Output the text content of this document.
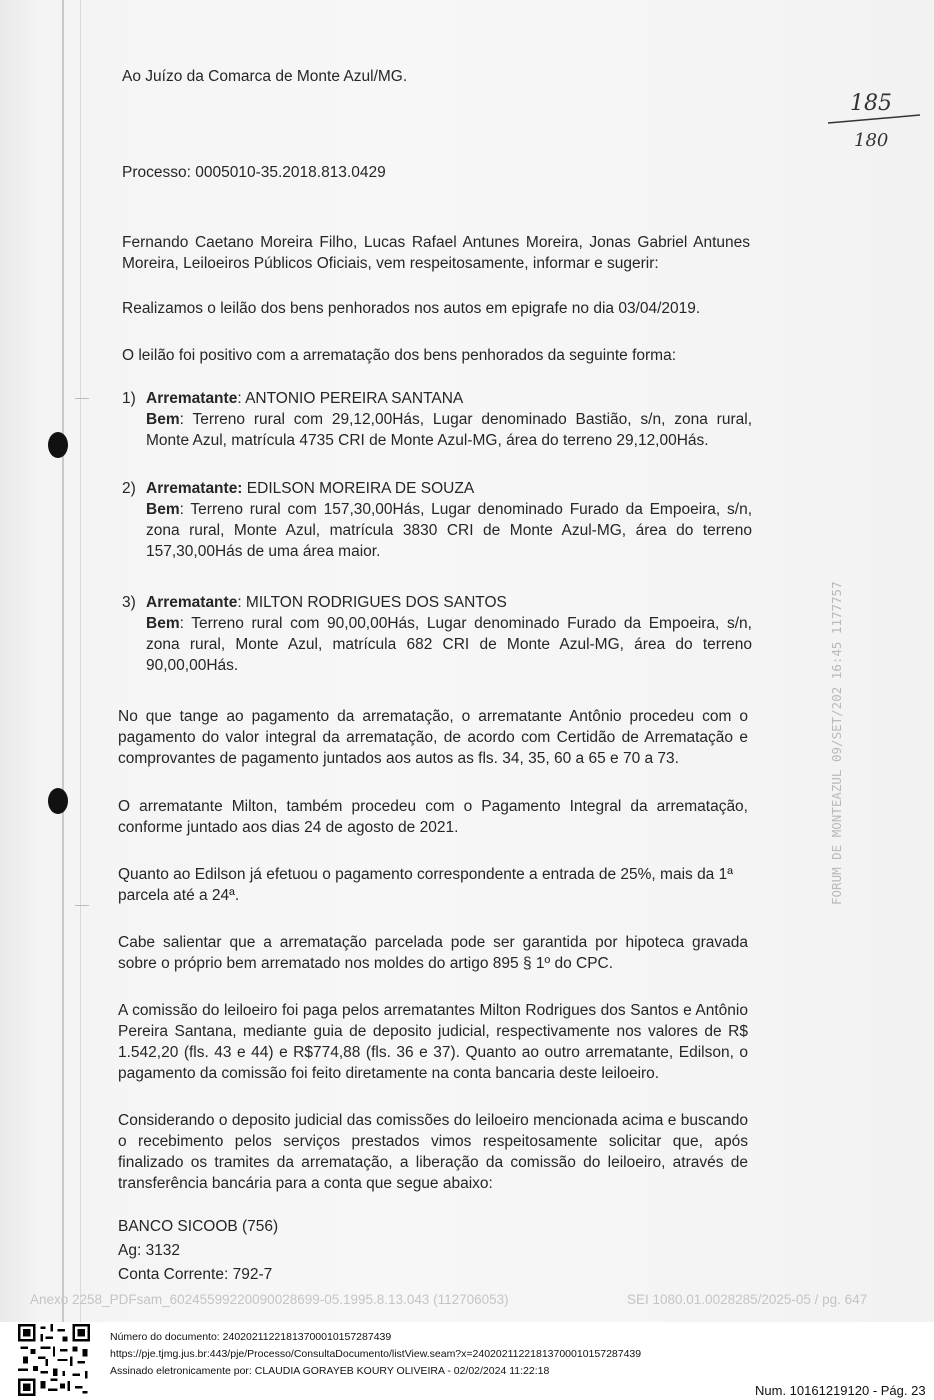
185
180
FORUM DE MONTEAZUL 09/SET/202 16:45 1177757

Ao Juízo da Comarca de Monte Azul/MG.

Processo: 0005010-35.2018.813.0429

Fernando Caetano Moreira Filho, Lucas Rafael Antunes Moreira, Jonas Gabriel Antunes Moreira, Leiloeiros Públicos Oficiais, vem respeitosamente, informar e sugerir:

Realizamos o leilão dos bens penhorados nos autos em epigrafe no dia 03/04/2019.

O leilão foi positivo com a arrematação dos bens penhorados da seguinte forma:

1) Arrematante: ANTONIO PEREIRA SANTANA
Bem: Terreno rural com 29,12,00Hás, Lugar denominado Bastião, s/n, zona rural, Monte Azul, matrícula 4735 CRI de Monte Azul-MG, área do terreno 29,12,00Hás.
2) Arrematante: EDILSON MOREIRA DE SOUZA
Bem: Terreno rural com 157,30,00Hás, Lugar denominado Furado da Empoeira, s/n, zona rural, Monte Azul, matrícula 3830 CRI de Monte Azul-MG, área do terreno 157,30,00Hás de uma área maior.
3) Arrematante: MILTON RODRIGUES DOS SANTOS
Bem: Terreno rural com 90,00,00Hás, Lugar denominado Furado da Empoeira, s/n, zona rural, Monte Azul, matrícula 682 CRI de Monte Azul-MG, área do terreno 90,00,00Hás.

No que tange ao pagamento da arrematação, o arrematante Antônio procedeu com o pagamento do valor integral da arrematação, de acordo com Certidão de Arrematação e comprovantes de pagamento juntados aos autos as fls. 34, 35, 60 a 65 e 70 a 73.

O arrematante Milton, também procedeu com o Pagamento Integral da arrematação, conforme juntado aos dias 24 de agosto de 2021.

Quanto ao Edilson já efetuou o pagamento correspondente a entrada de 25%, mais da 1ª parcela até a 24ª.

Cabe salientar que a arrematação parcelada pode ser garantida por hipoteca gravada sobre o próprio bem arrematado nos moldes do artigo 895 § 1º do CPC.

A comissão do leiloeiro foi paga pelos arrematantes Milton Rodrigues dos Santos e Antônio Pereira Santana, mediante guia de deposito judicial, respectivamente nos valores de R$ 1.542,20 (fls. 43 e 44) e R$774,88 (fls. 36 e 37). Quanto ao outro arrematante, Edilson, o pagamento da comissão foi feito diretamente na conta bancaria deste leiloeiro.

Considerando o deposito judicial das comissões do leiloeiro mencionada acima e buscando o recebimento pelos serviços prestados vimos respeitosamente solicitar que, após finalizado os tramites da arrematação, a liberação da comissão do leiloeiro, através de transferência bancária para a conta que segue abaixo:

BANCO SICOOB (756)

Ag: 3132

Conta Corrente: 792-7

Anexo 2258_PDFsam_60245599220090028699-05.1995.8.13.043 (112706053)	SEI 1080.01.0028285/2025-05 / pg. 647
Número do documento: 24020211221813700010157287439
https://pje.tjmg.jus.br:443/pje/Processo/ConsultaDocumento/listView.seam?x=24020211221813700010157287439
Assinado eletronicamente por: CLAUDIA GORAYEB KOURY OLIVEIRA - 02/02/2024 11:22:18
Num. 10161219120 - Pág. 23
